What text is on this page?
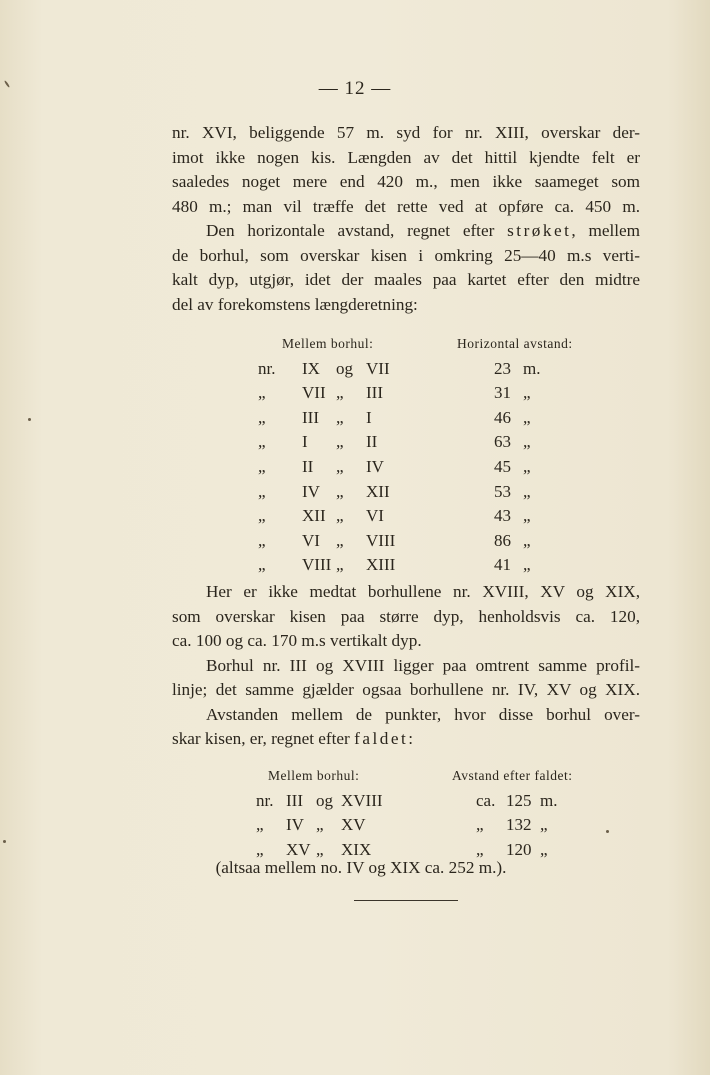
— 12 —
nr. XVI, beliggende 57 m. syd for nr. XIII, overskar der-
imot ikke nogen kis. Længden av det hittil kjendte felt er
saaledes noget mere end 420 m., men ikke saameget som
480 m.; man vil træffe det rette ved at opføre ca. 450 m.
Den horizontale avstand, regnet efter strøket, mellem
de borhul, som overskar kisen i omkring 25—40 m.s verti-
kalt dyp, utgjør, idet der maales paa kartet efter den midtre
del av forekomstens længderetning:
Mellem borhul:	Horizontal avstand:
nr. IX og VII	23 m.
„ VII „ III	31 „
„ III „ I	46 „
„ I „ II	63 „
„ II „ IV	45 „
„ IV „ XII	53 „
„ XII „ VI	43 „
„ VI „ VIII	86 „
„ VIII „ XIII	41 „
Mellem borhul:	Avstand efter faldet:
nr. III og XVIII	ca. 125 m.
„ IV „ XV	„ 132 „
„ XV „ XIX	„ 120 „
Her er ikke medtat borhullene nr. XVIII, XV og XIX,
som overskar kisen paa større dyp, henholdsvis ca. 120,
ca. 100 og ca. 170 m.s vertikalt dyp.
Borhul nr. III og XVIII ligger paa omtrent samme profil-
linje; det samme gjælder ogsaa borhullene nr. IV, XV og XIX.
Avstanden mellem de punkter, hvor disse borhul over-
skar kisen, er, regnet efter faldet:
(altsaa mellem no. IV og XIX ca. 252 m.).
